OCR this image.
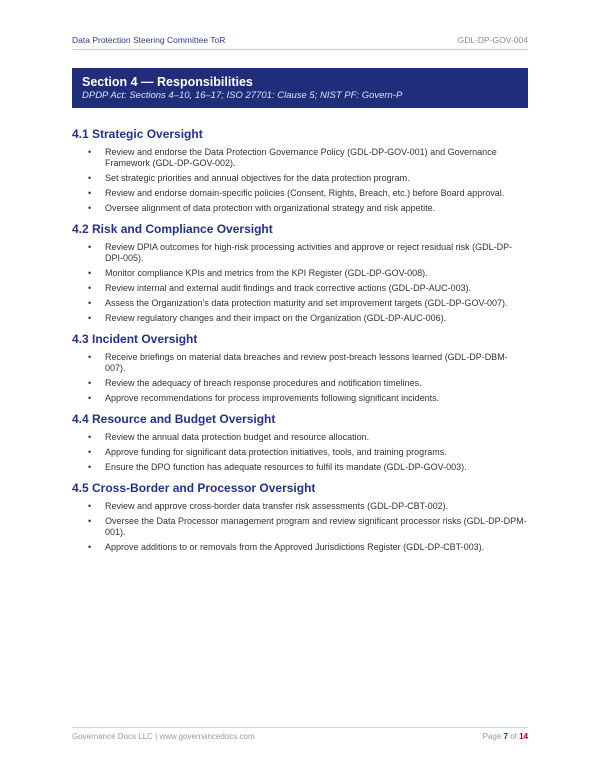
Data Protection Steering Committee ToR	GDL-DP-GOV-004
Section 4 — Responsibilities
DPDP Act: Sections 4–10, 16–17; ISO 27701: Clause 5; NIST PF: Govern-P
4.1 Strategic Oversight
• Review and endorse the Data Protection Governance Policy (GDL-DP-GOV-001) and Governance Framework (GDL-DP-GOV-002).
• Set strategic priorities and annual objectives for the data protection program.
• Review and endorse domain-specific policies (Consent, Rights, Breach, etc.) before Board approval.
• Oversee alignment of data protection with organizational strategy and risk appetite.
4.2 Risk and Compliance Oversight
• Review DPIA outcomes for high-risk processing activities and approve or reject residual risk (GDL-DP-DPI-005).
• Monitor compliance KPIs and metrics from the KPI Register (GDL-DP-GOV-008).
• Review internal and external audit findings and track corrective actions (GDL-DP-AUC-003).
• Assess the Organization’s data protection maturity and set improvement targets (GDL-DP-GOV-007).
• Review regulatory changes and their impact on the Organization (GDL-DP-AUC-006).
4.3 Incident Oversight
• Receive briefings on material data breaches and review post-breach lessons learned (GDL-DP-DBM-007).
• Review the adequacy of breach response procedures and notification timelines.
• Approve recommendations for process improvements following significant incidents.
4.4 Resource and Budget Oversight
• Review the annual data protection budget and resource allocation.
• Approve funding for significant data protection initiatives, tools, and training programs.
• Ensure the DPO function has adequate resources to fulfil its mandate (GDL-DP-GOV-003).
4.5 Cross-Border and Processor Oversight
• Review and approve cross-border data transfer risk assessments (GDL-DP-CBT-002).
• Oversee the Data Processor management program and review significant processor risks (GDL-DP-DPM-001).
• Approve additions to or removals from the Approved Jurisdictions Register (GDL-DP-CBT-003).
Governance Docs LLC | www.governancedocs.com	Page 7 of 14
